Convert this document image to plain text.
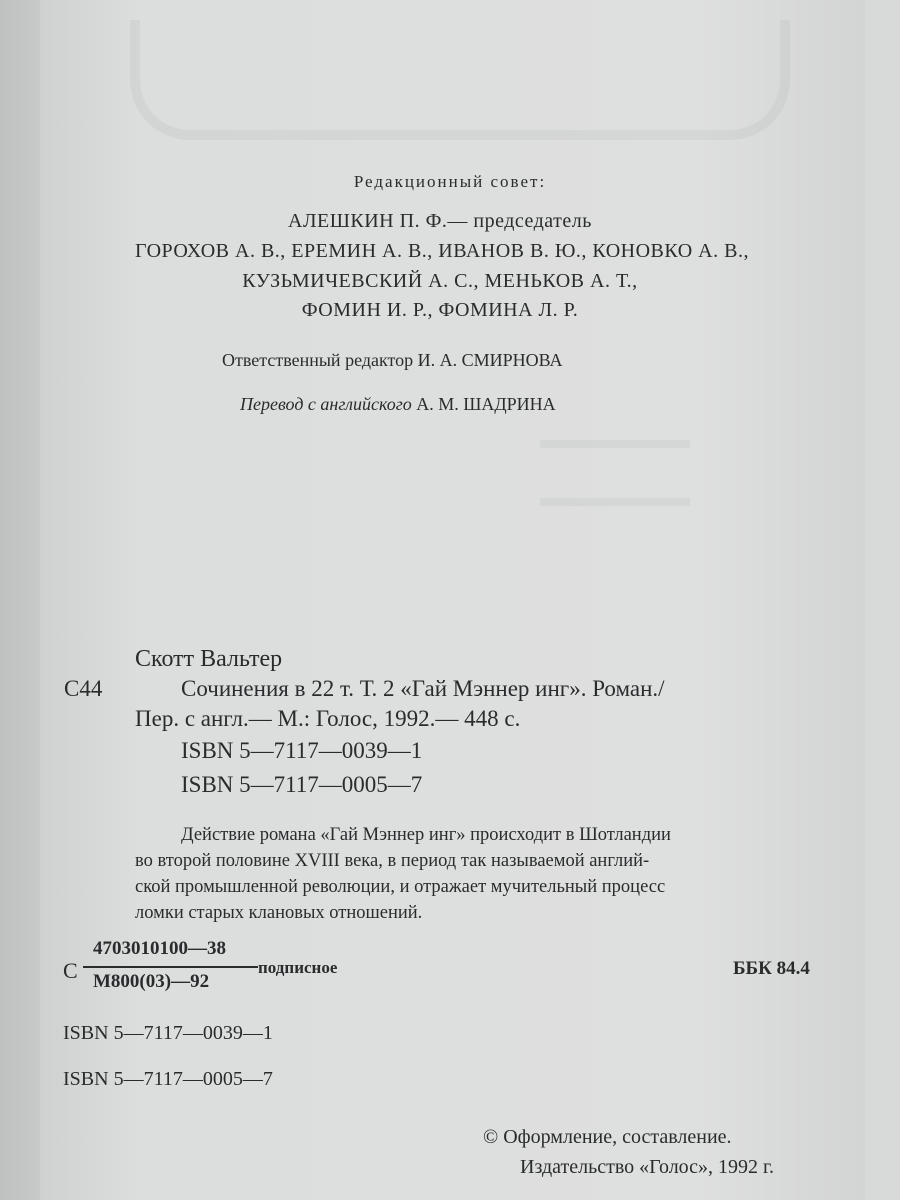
Редакционный совет:
АЛЕШКИН П. Ф.— председатель
ГОРОХОВ А. В., ЕРЕМИН А. В., ИВАНОВ В. Ю., КОНОВКО А. В.,
КУЗЬМИЧЕВСКИЙ А. С., МЕНЬКОВ А. Т.,
ФОМИН И. Р., ФОМИНА Л. Р.
Ответственный редактор И. А. СМИРНОВА
Перевод с английского А. М. ШАДРИНА
Скотт Вальтер
С44	Сочинения в 22 т. Т. 2 «Гай Мэннер инг». Роман./
Пер. с англ.— М.: Голос, 1992.— 448 с.
ISBN 5—7117—0039—1
ISBN 5—7117—0005—7
Действие романа «Гай Мэннер инг» происходит в Шотландии
во второй половине XVIII века, в период так называемой англий-
ской промышленной революции, и отражает мучительный процесс
ломки старых клановых отношений.
С
4703010100—38
М800(03)—92
подписное	ББК 84.4
ISBN 5—7117—0039—1
ISBN 5—7117—0005—7
© Оформление, составление.
Издательство «Голос», 1992 г.
